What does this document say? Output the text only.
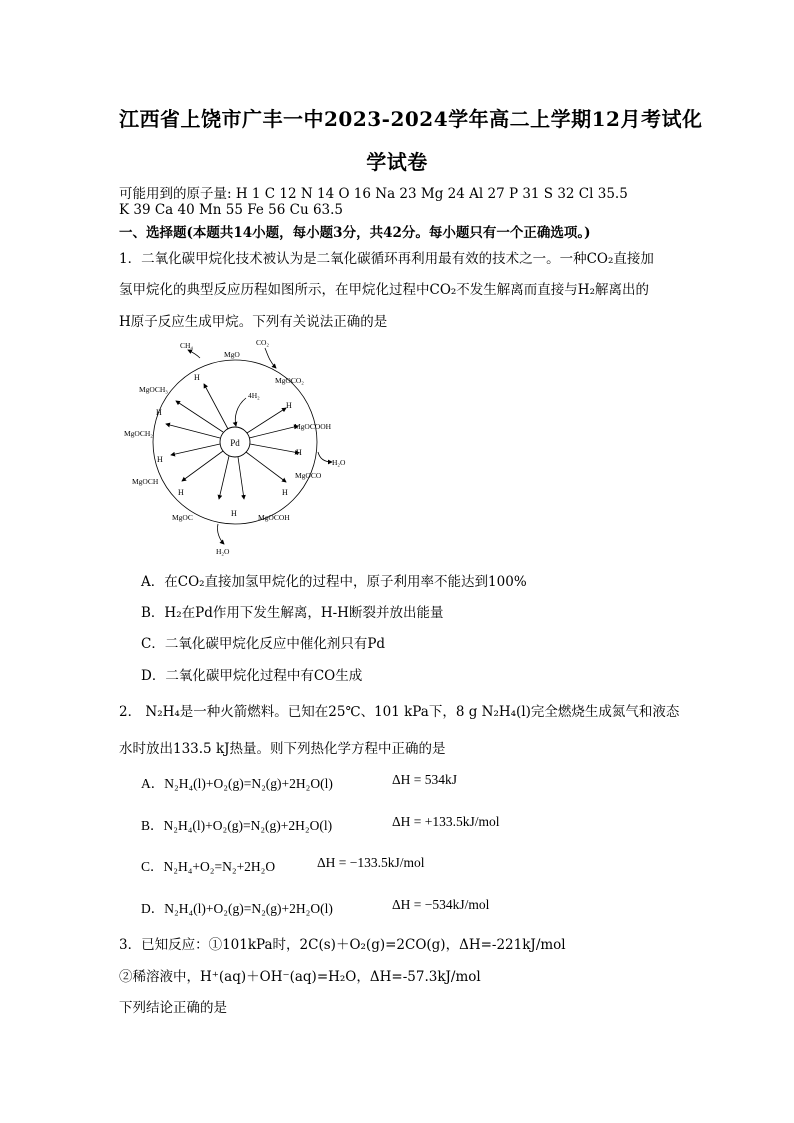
江西省上饶市广丰一中2023-2024学年高二上学期12月考试化
学试卷
可能用到的原子量: H 1 C 12 N 14 O 16 Na 23 Mg 24 Al 27 P 31 S 32 Cl 35.5
K 39 Ca 40 Mn 55 Fe 56 Cu 63.5
一、选择题(本题共14小题，每小题3分，共42分。每小题只有一个正确选项。)
1．二氧化碳甲烷化技术被认为是二氧化碳循环再利用最有效的技术之一。一种CO₂直接加
氢甲烷化的典型反应历程如图所示，在甲烷化过程中CO₂不发生解离而直接与H₂解离出的
H原子反应生成甲烷。下列有关说法正确的是
Pd
CH₄
MgO
CO₂
MgOCO₂
MgOCOOH
H₂O
MgOCO
MgOCOH
MgOC
H₂O
MgOCH
MgOCH₂
MgOCH₃
4H₂
H
H
H
H
H
H
H
H
A．在CO₂直接加氢甲烷化的过程中，原子利用率不能达到100%
B．H₂在Pd作用下发生解离，H-H断裂并放出能量
C．二氧化碳甲烷化反应中催化剂只有Pd
D．二氧化碳甲烷化过程中有CO生成
2． N₂H₄是一种火箭燃料。已知在25℃、101 kPa下，8 g N₂H₄(l)完全燃烧生成氮气和液态
水时放出133.5 kJ热量。则下列热化学方程中正确的是
A．N₂H₄(l)+O₂(g)=N₂(g)+2H₂O(l)	ΔH = 534kJ
B．N₂H₄(l)+O₂(g)=N₂(g)+2H₂O(l)	ΔH = +133.5kJ/mol
C．N₂H₄+O₂=N₂+2H₂O	ΔH = −133.5kJ/mol
D．N₂H₄(l)+O₂(g)=N₂(g)+2H₂O(l)	ΔH = −534kJ/mol
3．已知反应：①101kPa时，2C(s)＋O₂(g)=2CO(g)，ΔH=-221kJ/mol
②稀溶液中，H⁺(aq)＋OH⁻(aq)=H₂O，ΔH=-57.3kJ/mol
下列结论正确的是
